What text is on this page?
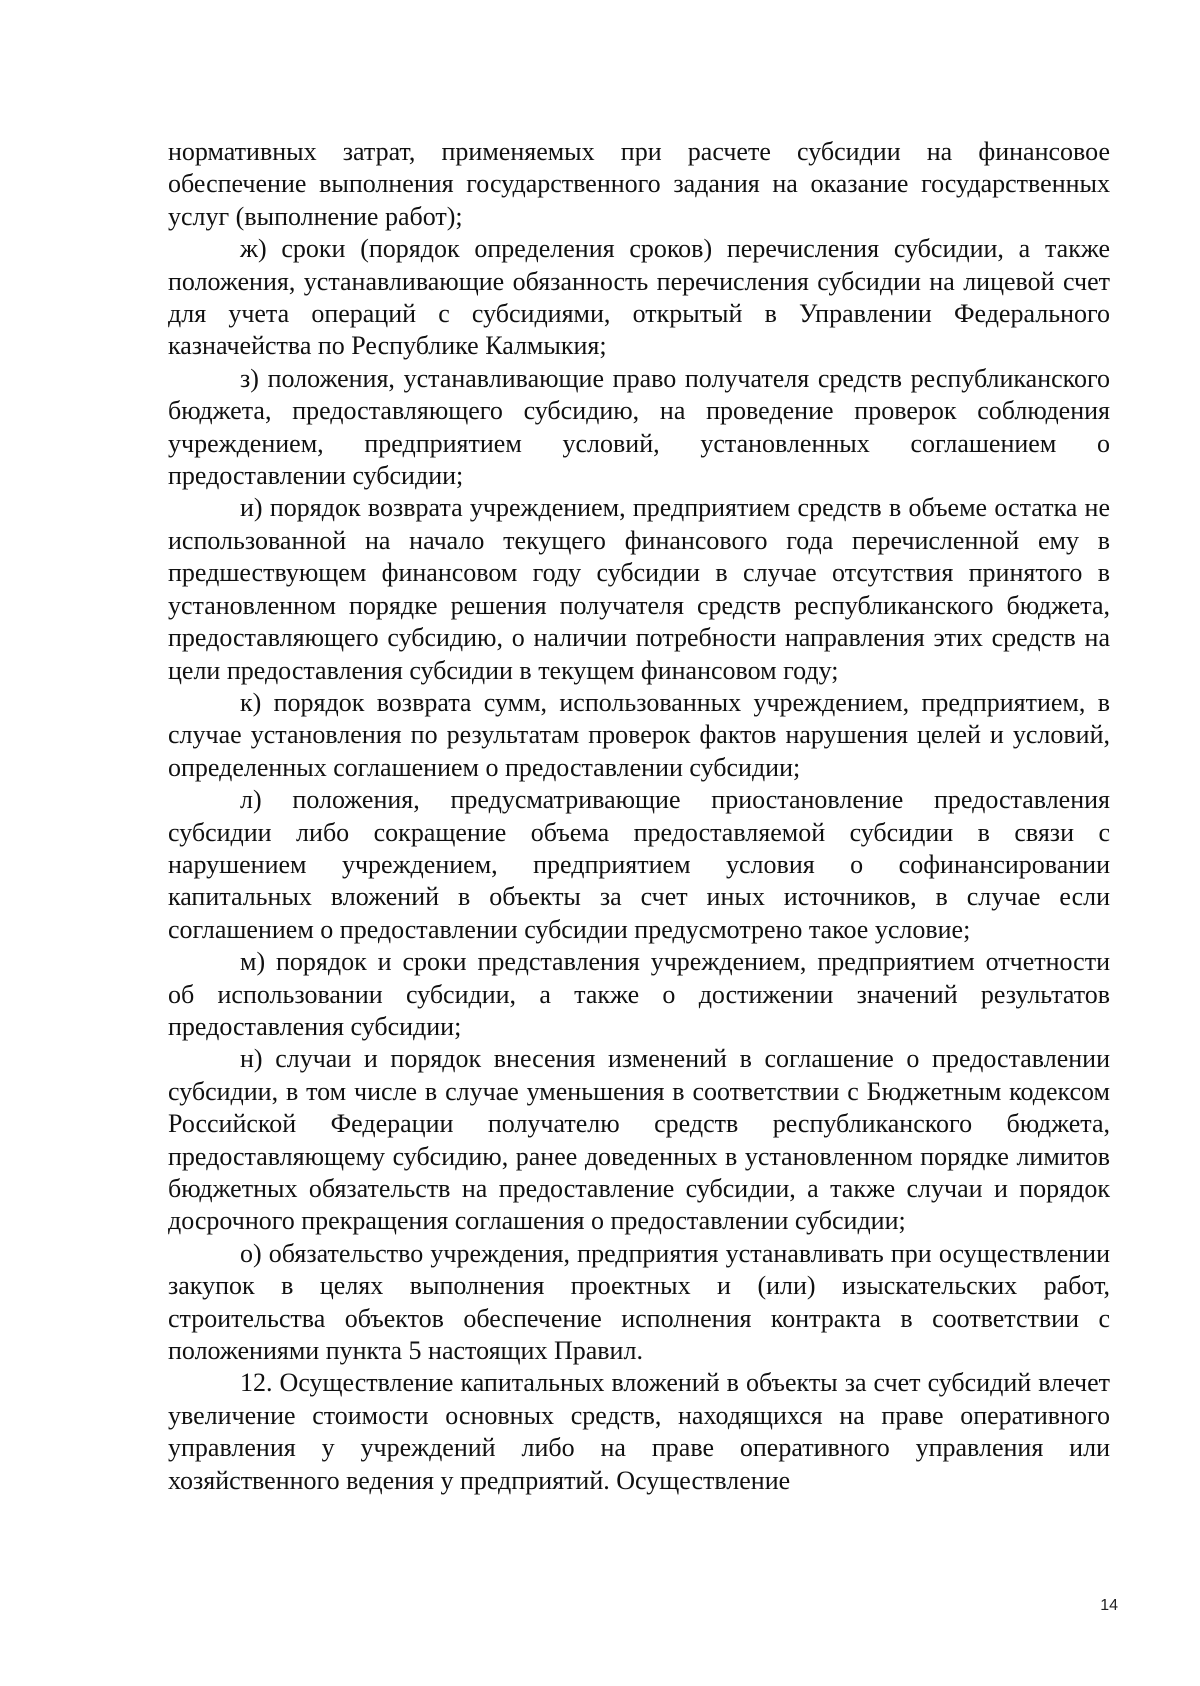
нормативных затрат, применяемых при расчете субсидии на финансовое обеспечение выполнения государственного задания на оказание государственных услуг (выполнение работ);

ж) сроки (порядок определения сроков) перечисления субсидии, а также положения, устанавливающие обязанность перечисления субсидии на лицевой счет для учета операций с субсидиями, открытый в Управлении Федерального казначейства по Республике Калмыкия;

з) положения, устанавливающие право получателя средств республиканского бюджета, предоставляющего субсидию, на проведение проверок соблюдения учреждением, предприятием условий, установленных соглашением о предоставлении субсидии;

и) порядок возврата учреждением, предприятием средств в объеме остатка не использованной на начало текущего финансового года перечисленной ему в предшествующем финансовом году субсидии в случае отсутствия принятого в установленном порядке решения получателя средств республиканского бюджета, предоставляющего субсидию, о наличии потребности направления этих средств на цели предоставления субсидии в текущем финансовом году;

к) порядок возврата сумм, использованных учреждением, предприятием, в случае установления по результатам проверок фактов нарушения целей и условий, определенных соглашением о предоставлении субсидии;

л) положения, предусматривающие приостановление предоставления субсидии либо сокращение объема предоставляемой субсидии в связи с нарушением учреждением, предприятием условия о софинансировании капитальных вложений в объекты за счет иных источников, в случае если соглашением о предоставлении субсидии предусмотрено такое условие;

м) порядок и сроки представления учреждением, предприятием отчетности об использовании субсидии, а также о достижении значений результатов предоставления субсидии;

н) случаи и порядок внесения изменений в соглашение о предоставлении субсидии, в том числе в случае уменьшения в соответствии с Бюджетным кодексом Российской Федерации получателю средств республиканского бюджета, предоставляющему субсидию, ранее доведенных в установленном порядке лимитов бюджетных обязательств на предоставление субсидии, а также случаи и порядок досрочного прекращения соглашения о предоставлении субсидии;

о) обязательство учреждения, предприятия устанавливать при осуществлении закупок в целях выполнения проектных и (или) изыскательских работ, строительства объектов обеспечение исполнения контракта в соответствии с положениями пункта 5 настоящих Правил.

12. Осуществление капитальных вложений в объекты за счет субсидий влечет увеличение стоимости основных средств, находящихся на праве оперативного управления у учреждений либо на праве оперативного управления или хозяйственного ведения у предприятий. Осуществление

14
